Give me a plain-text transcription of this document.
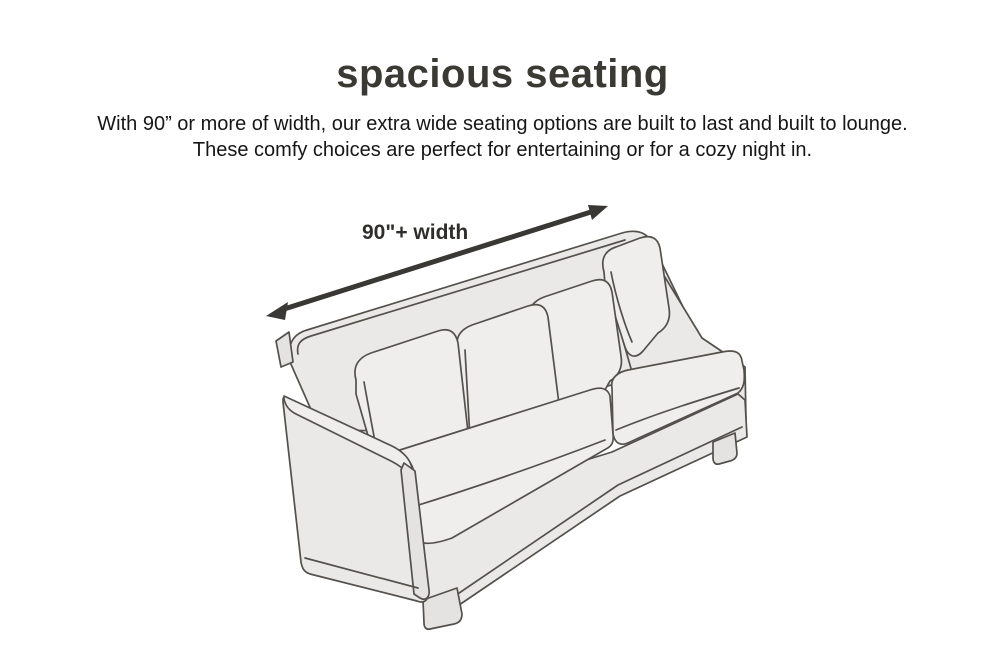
spacious seating

With 90” or more of width, our extra wide seating options are built to last and built to lounge.
These comfy choices are perfect for entertaining or for a cozy night in.

90"+ width
